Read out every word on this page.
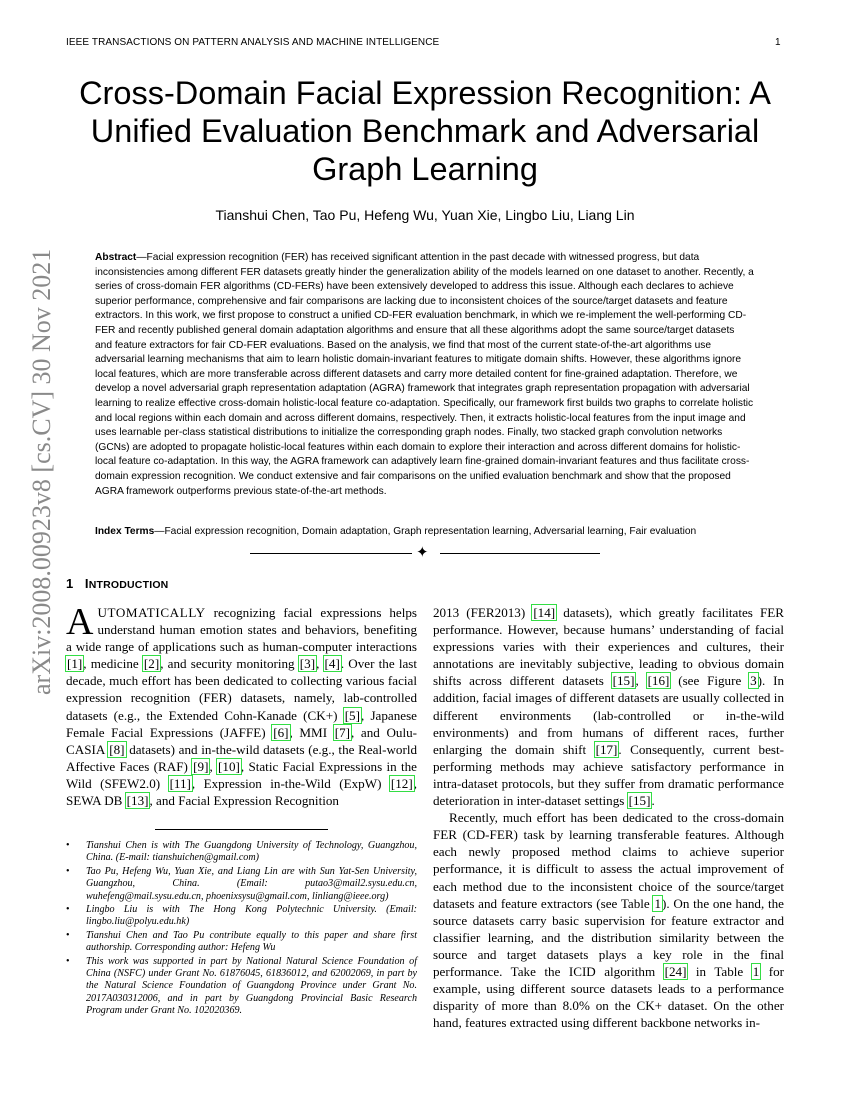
IEEE TRANSACTIONS ON PATTERN ANALYSIS AND MACHINE INTELLIGENCE	1
Cross-Domain Facial Expression Recognition: A Unified Evaluation Benchmark and Adversarial Graph Learning
Tianshui Chen, Tao Pu, Hefeng Wu, Yuan Xie, Lingbo Liu, Liang Lin
Abstract—Facial expression recognition (FER) has received significant attention in the past decade with witnessed progress, but data inconsistencies among different FER datasets greatly hinder the generalization ability of the models learned on one dataset to another. Recently, a series of cross-domain FER algorithms (CD-FERs) have been extensively developed to address this issue. Although each declares to achieve superior performance, comprehensive and fair comparisons are lacking due to inconsistent choices of the source/target datasets and feature extractors. In this work, we first propose to construct a unified CD-FER evaluation benchmark, in which we re-implement the well-performing CD-FER and recently published general domain adaptation algorithms and ensure that all these algorithms adopt the same source/target datasets and feature extractors for fair CD-FER evaluations. Based on the analysis, we find that most of the current state-of-the-art algorithms use adversarial learning mechanisms that aim to learn holistic domain-invariant features to mitigate domain shifts. However, these algorithms ignore local features, which are more transferable across different datasets and carry more detailed content for fine-grained adaptation. Therefore, we develop a novel adversarial graph representation adaptation (AGRA) framework that integrates graph representation propagation with adversarial learning to realize effective cross-domain holistic-local feature co-adaptation. Specifically, our framework first builds two graphs to correlate holistic and local regions within each domain and across different domains, respectively. Then, it extracts holistic-local features from the input image and uses learnable per-class statistical distributions to initialize the corresponding graph nodes. Finally, two stacked graph convolution networks (GCNs) are adopted to propagate holistic-local features within each domain to explore their interaction and across different domains for holistic-local feature co-adaptation. In this way, the AGRA framework can adaptively learn fine-grained domain-invariant features and thus facilitate cross-domain expression recognition. We conduct extensive and fair comparisons on the unified evaluation benchmark and show that the proposed AGRA framework outperforms previous state-of-the-art methods.
Index Terms—Facial expression recognition, Domain adaptation, Graph representation learning, Adversarial learning, Fair evaluation
✦
arXiv:2008.00923v8 [cs.CV] 30 Nov 2021 1 INTRODUCTION
AUTOMATICALLY recognizing facial expressions helps understand human emotion states and behaviors, benefiting a wide range of applications such as human-computer interactions [1], medicine [2], and security monitoring [3], [4]. Over the last decade, much effort has been dedicated to collecting various facial expression recognition (FER) datasets, namely, lab-controlled datasets (e.g., the Extended Cohn-Kanade (CK+) [5], Japanese Female Facial Expressions (JAFFE) [6], MMI [7], and Oulu-CASIA [8] datasets) and in-the-wild datasets (e.g., the Real-world Affective Faces (RAF) [9], [10], Static Facial Expressions in the Wild (SFEW2.0) [11], Expression in-the-Wild (ExpW) [12], SEWA DB [13], and Facial Expression Recognition
2013 (FER2013) [14] datasets), which greatly facilitates FER performance. However, because humans’ understanding of facial expressions varies with their experiences and cultures, their annotations are inevitably subjective, leading to obvious domain shifts across different datasets [15], [16] (see Figure 3). In addition, facial images of different datasets are usually collected in different environments (lab-controlled or in-the-wild environments) and from humans of different races, further enlarging the domain shift [17]. Consequently, current best-performing methods may achieve satisfactory performance in intra-dataset protocols, but they suffer from dramatic performance deterioration in inter-dataset settings [15].
Recently, much effort has been dedicated to the cross-domain FER (CD-FER) task by learning transferable features. Although each newly proposed method claims to achieve superior performance, it is difficult to assess the actual improvement of each method due to the inconsistent choice of the source/target datasets and feature extractors (see Table 1). On the one hand, the source datasets carry basic supervision for feature extractor and classifier learning, and the distribution similarity between the source and target datasets plays a key role in the final performance. Take the ICID algorithm [24] in Table 1 for example, using different source datasets leads to a performance disparity of more than 8.0% on the CK+ dataset. On the other hand, features extracted using different backbone networks in-
• Tianshui Chen is with The Guangdong University of Technology, Guangzhou, China. (E-mail: tianshuichen@gmail.com)
• Tao Pu, Hefeng Wu, Yuan Xie, and Liang Lin are with Sun Yat-Sen University, Guangzhou, China. (Email: putao3@mail2.sysu.edu.cn, wuhefeng@mail.sysu.edu.cn, phoenixsysu@gmail.com, linliang@ieee.org)
• Lingbo Liu is with The Hong Kong Polytechnic University. (Email: lingbo.liu@polyu.edu.hk)
• Tianshui Chen and Tao Pu contribute equally to this paper and share first authorship. Corresponding author: Hefeng Wu
• This work was supported in part by National Natural Science Foundation of China (NSFC) under Grant No. 61876045, 61836012, and 62002069, in part by the Natural Science Foundation of Guangdong Province under Grant No. 2017A030312006, and in part by Guangdong Provincial Basic Research Program under Grant No. 102020369.
